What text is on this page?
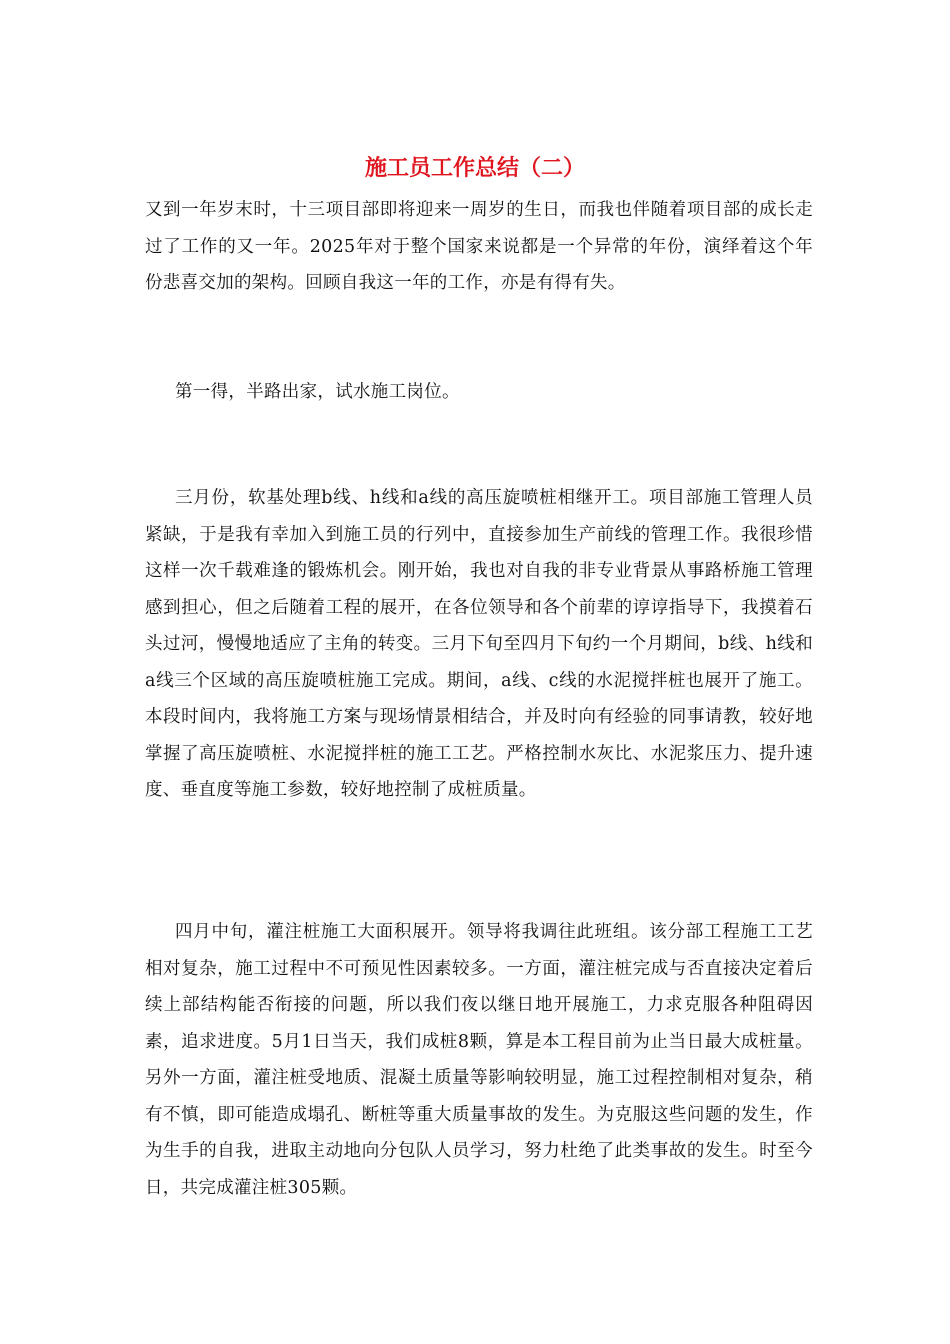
施工员工作总结（二）

又到一年岁末时，十三项目部即将迎来一周岁的生日，而我也伴随着项目部的成长走过了工作的又一年。2025年对于整个国家来说都是一个异常的年份，演绎着这个年份悲喜交加的架构。回顾自我这一年的工作，亦是有得有失。

第一得，半路出家，试水施工岗位。

三月份，软基处理b线、h线和a线的高压旋喷桩相继开工。项目部施工管理人员紧缺，于是我有幸加入到施工员的行列中，直接参加生产前线的管理工作。我很珍惜这样一次千载难逢的锻炼机会。刚开始，我也对自我的非专业背景从事路桥施工管理感到担心，但之后随着工程的展开，在各位领导和各个前辈的谆谆指导下，我摸着石头过河，慢慢地适应了主角的转变。三月下旬至四月下旬约一个月期间，b线、h线和a线三个区域的高压旋喷桩施工完成。期间，a线、c线的水泥搅拌桩也展开了施工。本段时间内，我将施工方案与现场情景相结合，并及时向有经验的同事请教，较好地掌握了高压旋喷桩、水泥搅拌桩的施工工艺。严格控制水灰比、水泥浆压力、提升速度、垂直度等施工参数，较好地控制了成桩质量。

四月中旬，灌注桩施工大面积展开。领导将我调往此班组。该分部工程施工工艺相对复杂，施工过程中不可预见性因素较多。一方面，灌注桩完成与否直接决定着后续上部结构能否衔接的问题，所以我们夜以继日地开展施工，力求克服各种阻碍因素，追求进度。5月1日当天，我们成桩8颗，算是本工程目前为止当日最大成桩量。另外一方面，灌注桩受地质、混凝土质量等影响较明显，施工过程控制相对复杂，稍有不慎，即可能造成塌孔、断桩等重大质量事故的发生。为克服这些问题的发生，作为生手的自我，进取主动地向分包队人员学习，努力杜绝了此类事故的发生。时至今日，共完成灌注桩305颗。
